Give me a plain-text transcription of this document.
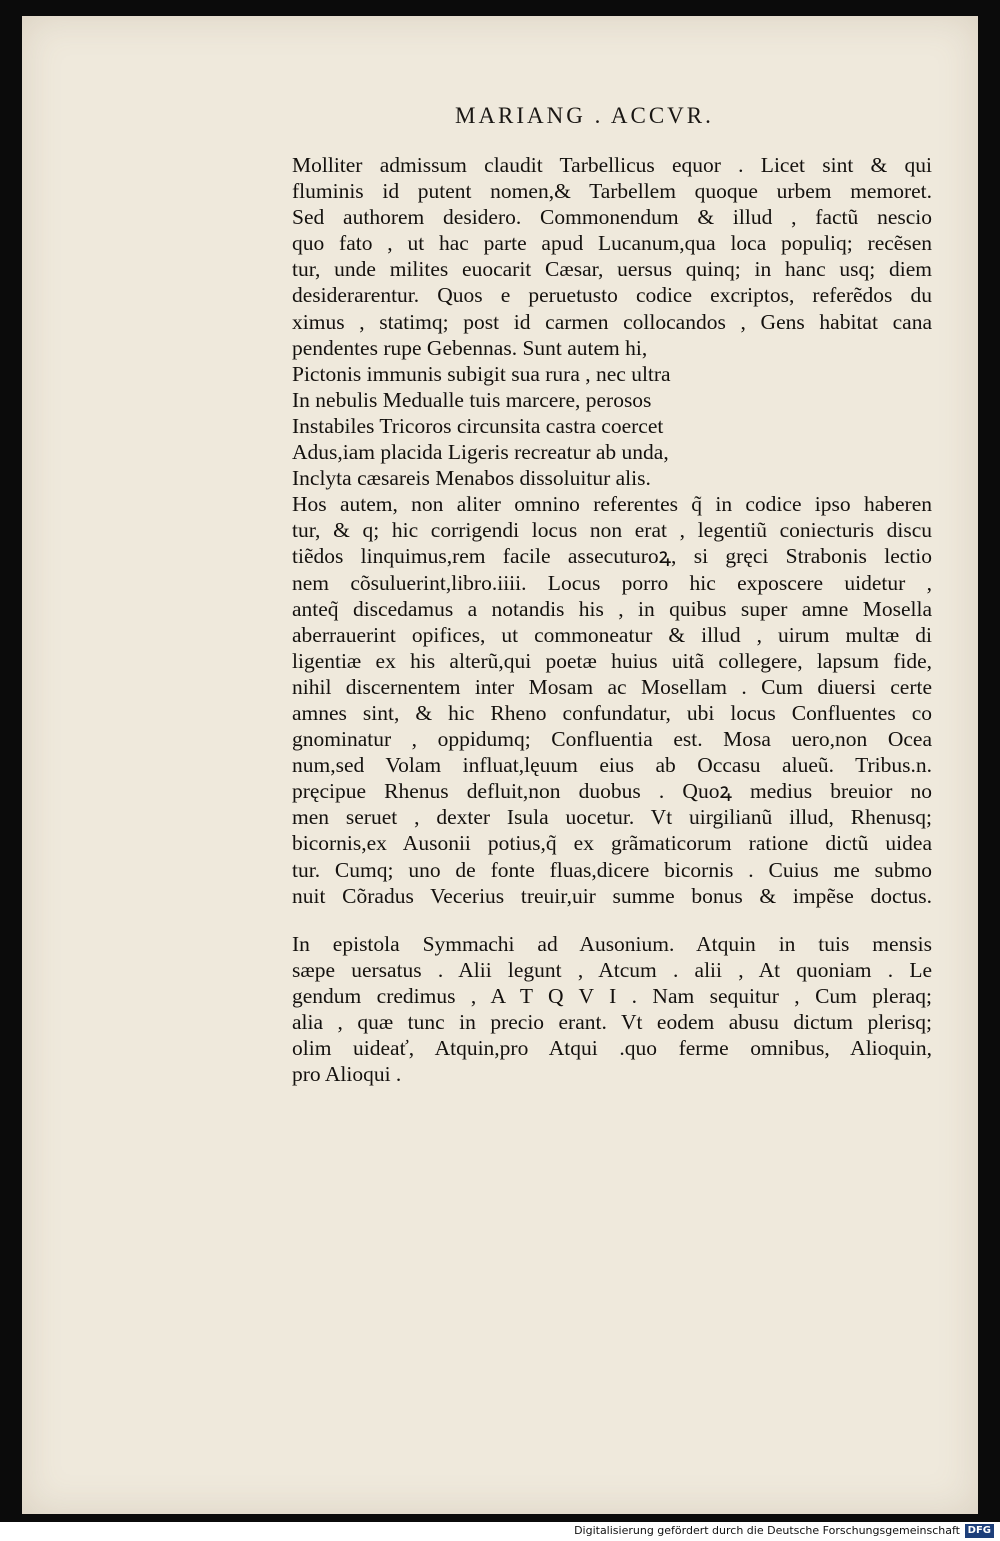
MARIANG . ACCVR.
Molliter admissum claudit Tarbellicus equor . Licet sint & qui
fluminis id putent nomen,& Tarbellem quoque urbem memoret.
Sed authorem desidero. Commonendum & illud , factũ nescio
quo fato , ut hac parte apud Lucanum,qua loca populiq; recẽsen
tur, unde milites euocarit Cæsar, uersus quinq; in hanc usq; diem
desiderarentur. Quos e peruetusto codice excriptos, referẽdos du
ximus , statimq; post id carmen collocandos , Gens habitat cana
pendentes rupe Gebennas. Sunt autem hi,
Pictonis immunis subigit sua rura , nec ultra
In nebulis Medualle tuis marcere, perosos
Instabiles Tricoros circunsita castra coercet
Adus,iam placida Ligeris recreatur ab unda,
Inclyta cæsareis Menabos dissoluitur alis.
Hos autem, non aliter omnino referentes q̃ in codice ipso haberen
tur, & q; hic corrigendi locus non erat , legentiũ coniecturis discu
tiẽdos linquimus,rem facile assecuturoꝝ, si gręci Strabonis lectio
nem cõsuluerint,libro.iiii. Locus porro hic exposcere uidetur ,
anteq̃ discedamus a notandis his , in quibus super amne Mosella
aberrauerint opifices, ut commoneatur & illud , uirum multæ di
ligentiæ ex his alterũ,qui poetæ huius uitã collegere, lapsum fide,
nihil discernentem inter Mosam ac Mosellam . Cum diuersi certe
amnes sint, & hic Rheno confundatur, ubi locus Confluentes co
gnominatur , oppidumq; Confluentia est. Mosa uero,non Ocea
num,sed Volam influat,lęuum eius ab Occasu alueũ. Tribus.n.
pręcipue Rhenus defluit,non duobus . Quoꝝ medius breuior no
men seruet , dexter Isula uocetur. Vt uirgilianũ illud, Rhenusq;
bicornis,ex Ausonii potius,q̃ ex grãmaticorum ratione dictũ uidea
tur. Cumq; uno de fonte fluas,dicere bicornis . Cuius me submo
nuit Cõradus Vecerius treuir,uir summe bonus & impẽse doctus.
In epistola Symmachi ad Ausonium. Atquin in tuis mensis
sæpe uersatus . Alii legunt , Atcum . alii , At quoniam . Le
gendum credimus , A T Q V I . Nam sequitur , Cum pleraq;
alia , quæ tunc in precio erant. Vt eodem abusu dictum plerisq;
olim uideať, Atquin,pro Atqui .quo ferme omnibus, Alioquin,
pro Alioqui .
Digitalisierung gefördert durch die Deutsche Forschungsgemeinschaft DFG
